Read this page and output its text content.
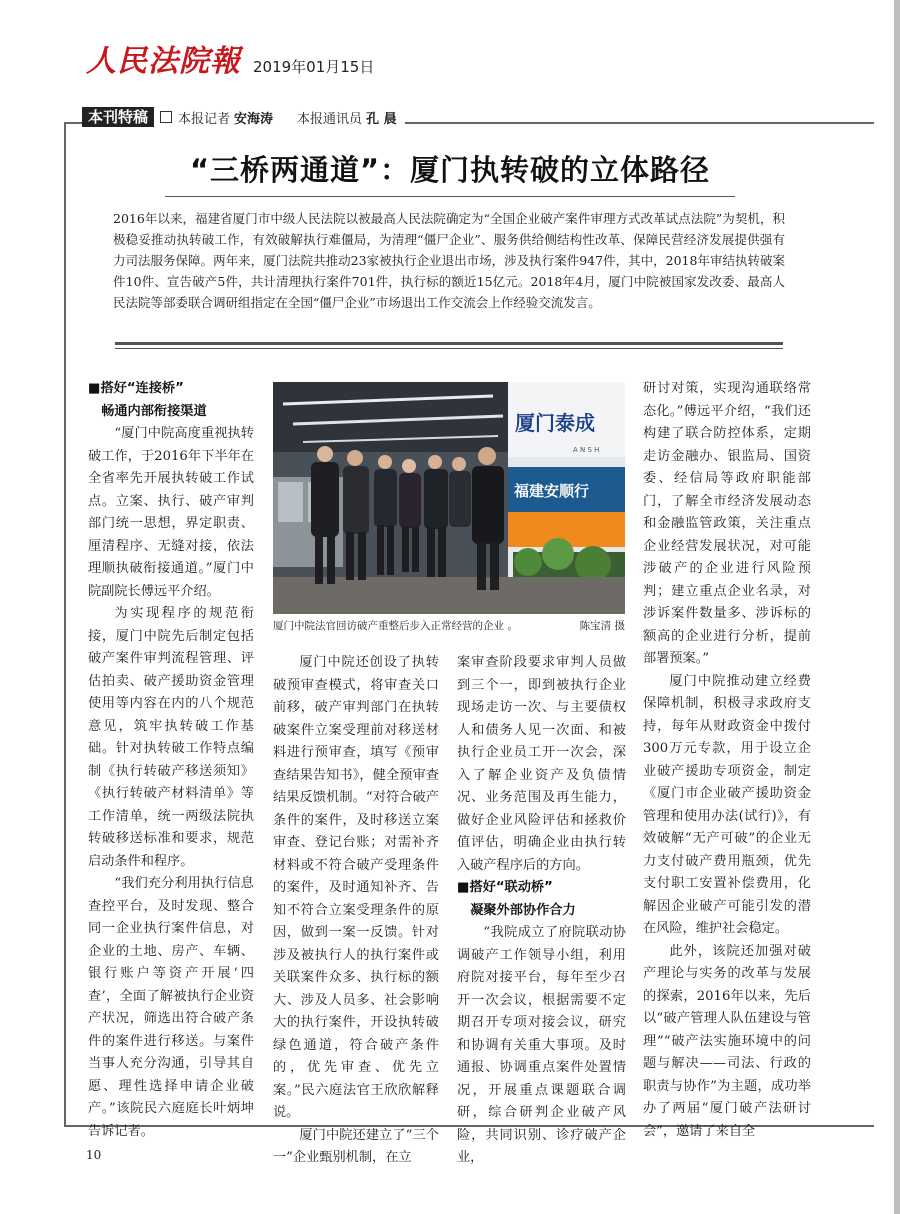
人民法院報 2019年01月15日
本刊特稿	本报记者 安海涛 本报通讯员 孔 晨
“三桥两通道”：厦门执转破的立体路径
2016年以来，福建省厦门市中级人民法院以被最高人民法院确定为“全国企业破产案件审理方式改革试点法院”为契机，积极稳妥推动执转破工作，有效破解执行难僵局，为清理“僵尸企业”、服务供给侧结构性改革、保障民营经济发展提供强有力司法服务保障。两年来，厦门法院共推动23家被执行企业退出市场，涉及执行案件947件，其中，2018年审结执转破案件10件、宣告破产5件，共计清理执行案件701件，执行标的额近15亿元。2018年4月，厦门中院被国家发改委、最高人民法院等部委联合调研组指定在全国“僵尸企业”市场退出工作交流会上作经验交流发言。
■搭好“连接桥”
畅通内部衔接渠道

“厦门中院高度重视执转破工作，于2016年下半年在全省率先开展执转破工作试点。立案、执行、破产审判部门统一思想，界定职责、厘清程序、无缝对接，依法理顺执破衔接通道。”厦门中院副院长傅远平介绍。

为实现程序的规范衔接，厦门中院先后制定包括破产案件审判流程管理、评估拍卖、破产援助资金管理使用等内容在内的八个规范意见，筑牢执转破工作基础。针对执转破工作特点编制《执行转破产移送须知》《执行转破产材料清单》等工作清单，统一两级法院执转破移送标准和要求，规范启动条件和程序。

“我们充分利用执行信息查控平台，及时发现、整合同一企业执行案件信息，对企业的土地、房产、车辆、银行账户等资产开展‘四查’，全面了解被执行企业资产状况，筛选出符合破产条件的案件进行移送。与案件当事人充分沟通，引导其自愿、理性选择申请企业破产。”该院民六庭庭长叶炳坤告诉记者。

厦门泰成
A N S H
福建安顺行
厦门中院法官回访破产重整后步入正常经营的企业 。	陈宝清 摄

厦门中院还创设了执转破预审查模式，将审查关口前移，破产审判部门在执转破案件立案受理前对移送材料进行预审查，填写《预审查结果告知书》，健全预审查结果反馈机制。“对符合破产条件的案件，及时移送立案审查、登记台账；对需补齐材料或不符合破产受理条件的案件，及时通知补齐、告知不符合立案受理条件的原因，做到一案一反馈。针对涉及被执行人的执行案件或关联案件众多、执行标的额大、涉及人员多、社会影响大的执行案件，开设执转破绿色通道，符合破产条件的，优先审查、优先立案。”民六庭法官王欣欣解释说。

厦门中院还建立了“三个一”企业甄别机制，在立

案审查阶段要求审判人员做到三个一，即到被执行企业现场走访一次、与主要债权人和债务人见一次面、和被执行企业员工开一次会，深入了解企业资产及负债情况、业务范围及再生能力，做好企业风险评估和拯救价值评估，明确企业由执行转入破产程序后的方向。

■搭好“联动桥”
凝聚外部协作合力

“我院成立了府院联动协调破产工作领导小组，利用府院对接平台，每年至少召开一次会议，根据需要不定期召开专项对接会议，研究和协调有关重大事项。及时通报、协调重点案件处置情况，开展重点课题联合调研，综合研判企业破产风险，共同识别、诊疗破产企业，

研讨对策，实现沟通联络常态化。”傅远平介绍，“我们还构建了联合防控体系，定期走访金融办、银监局、国资委、经信局等政府职能部门，了解全市经济发展动态和金融监管政策，关注重点企业经营发展状况，对可能涉破产的企业进行风险预判；建立重点企业名录，对涉诉案件数量多、涉诉标的额高的企业进行分析，提前部署预案。”

厦门中院推动建立经费保障机制，积极寻求政府支持，每年从财政资金中拨付300万元专款，用于设立企业破产援助专项资金，制定《厦门市企业破产援助资金管理和使用办法(试行)》，有效破解“无产可破”的企业无力支付破产费用瓶颈，优先支付职工安置补偿费用，化解因企业破产可能引发的潜在风险，维护社会稳定。

此外，该院还加强对破产理论与实务的改革与发展的探索，2016年以来，先后以“破产管理人队伍建设与管理”“破产法实施环境中的问题与解决——司法、行政的职责与协作”为主题，成功举办了两届“厦门破产法研讨会”，邀请了来自全

10
